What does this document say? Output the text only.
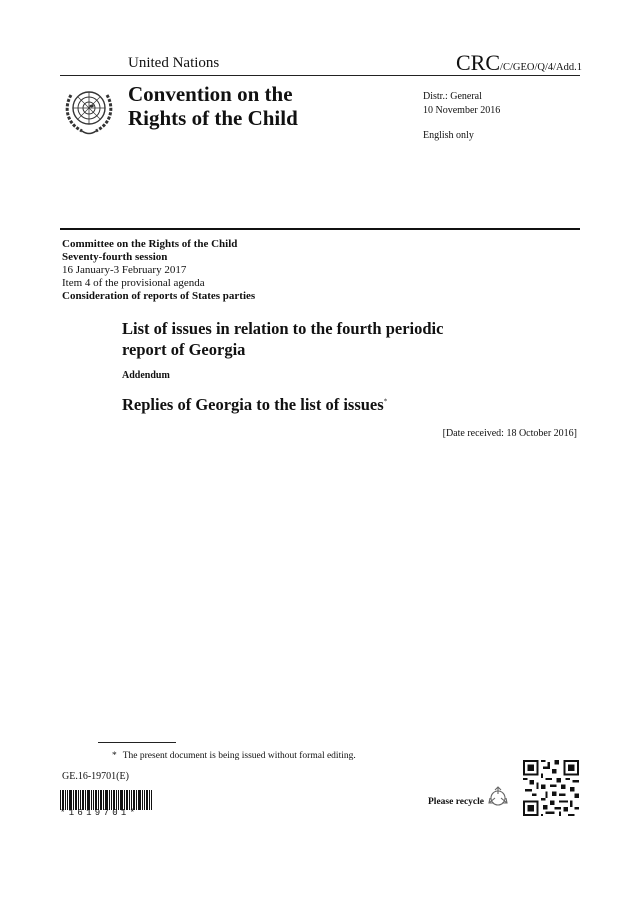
United Nations	CRC/C/GEO/Q/4/Add.1
Convention on the
Rights of the Child
Distr.: General
10 November 2016
English only
Committee on the Rights of the Child
Seventy-fourth session
16 January-3 February 2017
Item 4 of the provisional agenda
Consideration of reports of States parties
List of issues in relation to the fourth periodic
report of Georgia
Addendum
Replies of Georgia to the list of issues*
[Date received: 18 October 2016]
* The present document is being issued without formal editing.
GE.16-19701(E)
*1619701*
Please recycle
